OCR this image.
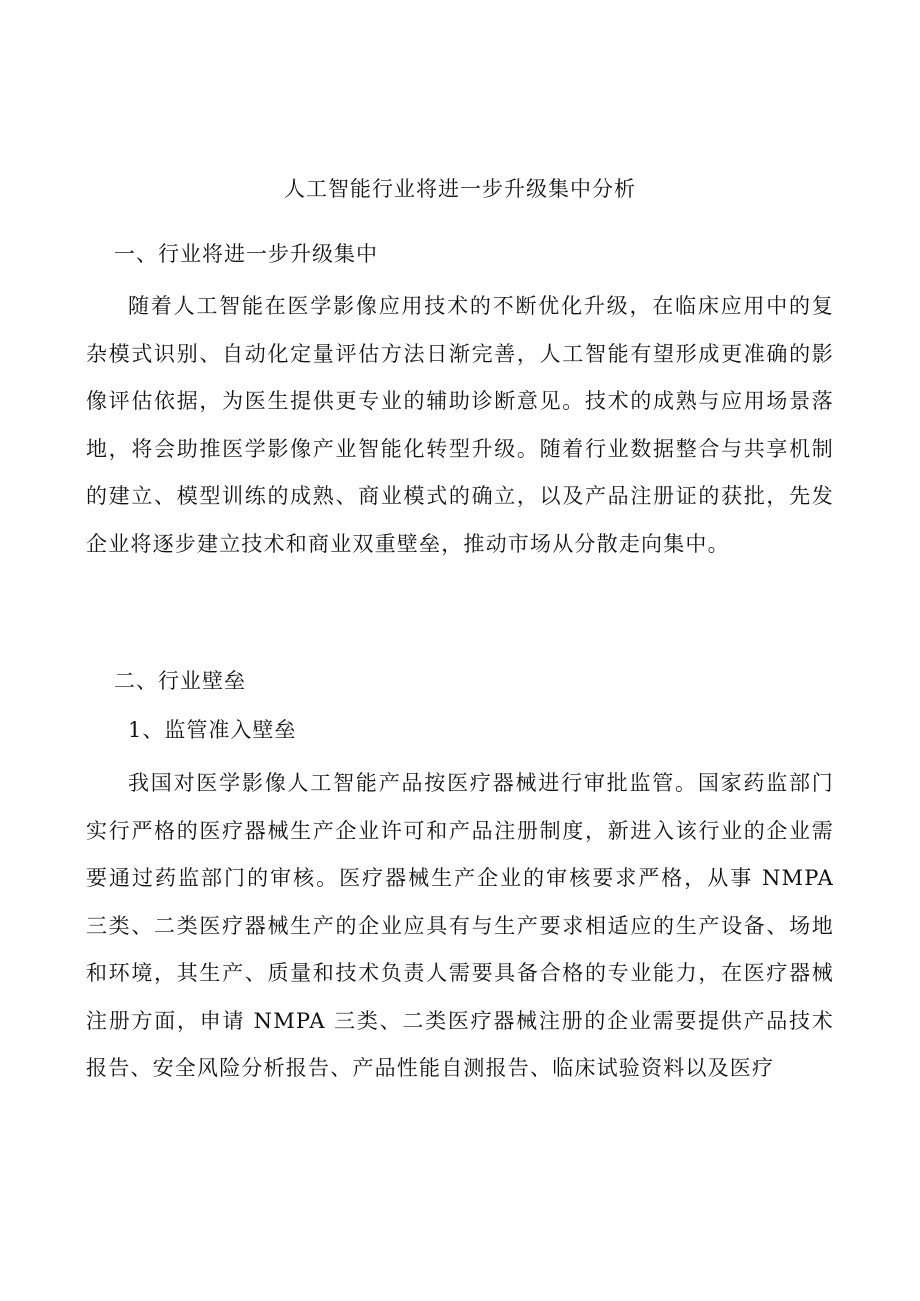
人工智能行业将进一步升级集中分析
一、行业将进一步升级集中
随着人工智能在医学影像应用技术的不断优化升级，在临床应用中的复杂模式识别、自动化定量评估方法日渐完善，人工智能有望形成更准确的影像评估依据，为医生提供更专业的辅助诊断意见。技术的成熟与应用场景落地，将会助推医学影像产业智能化转型升级。随着行业数据整合与共享机制的建立、模型训练的成熟、商业模式的确立，以及产品注册证的获批，先发企业将逐步建立技术和商业双重壁垒，推动市场从分散走向集中。
二、行业壁垒
1、监管准入壁垒
我国对医学影像人工智能产品按医疗器械进行审批监管。国家药监部门实行严格的医疗器械生产企业许可和产品注册制度，新进入该行业的企业需要通过药监部门的审核。医疗器械生产企业的审核要求严格，从事 NMPA 三类、二类医疗器械生产的企业应具有与生产要求相适应的生产设备、场地和环境，其生产、质量和技术负责人需要具备合格的专业能力，在医疗器械注册方面，申请 NMPA 三类、二类医疗器械注册的企业需要提供产品技术报告、安全风险分析报告、产品性能自测报告、临床试验资料以及医疗
